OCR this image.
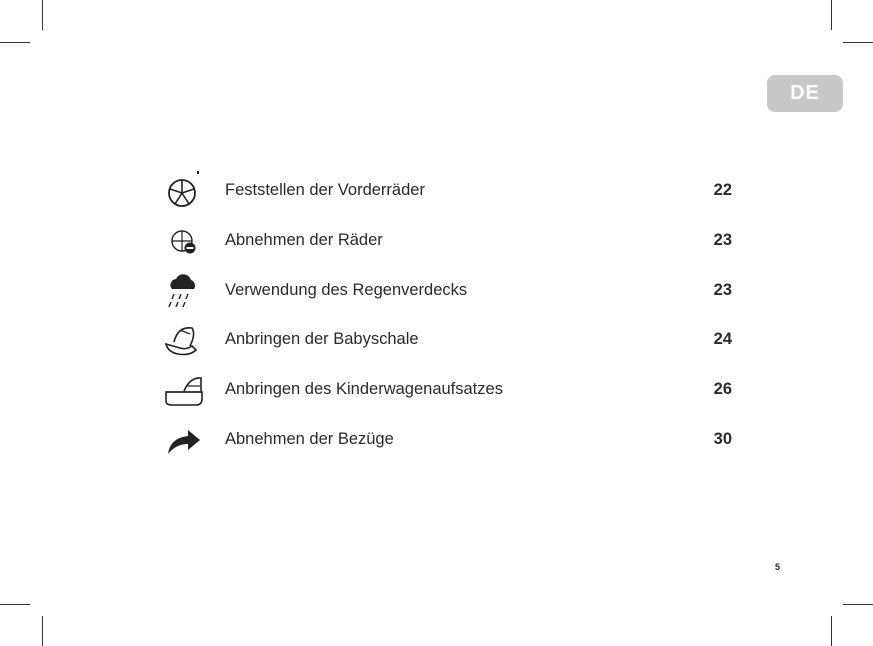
DE
Feststellen der Vorderräder	22
Abnehmen der Räder	23
Verwendung des Regenverdecks	23
Anbringen der Babyschale	24
Anbringen des Kinderwagenaufsatzes	26
Abnehmen der Bezüge	30
5
